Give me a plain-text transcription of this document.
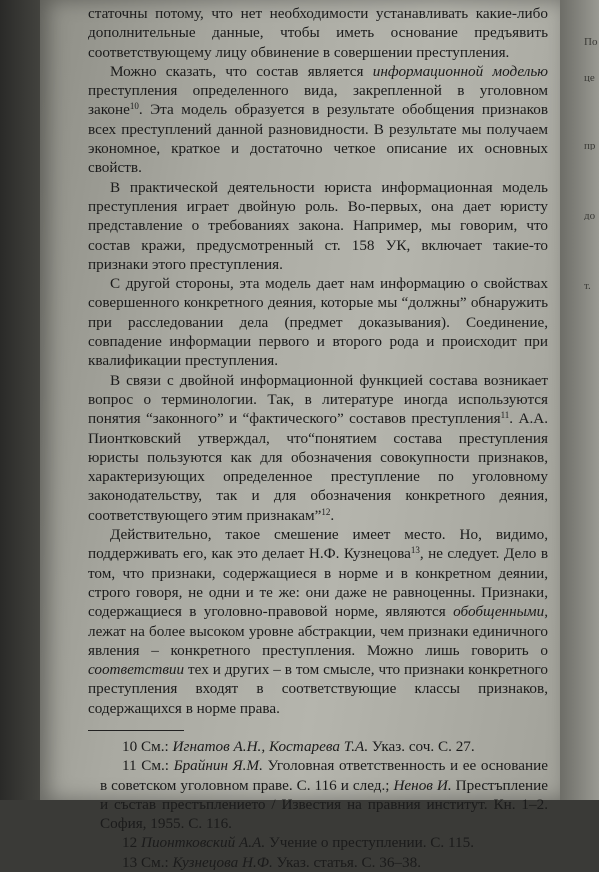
По
це
пр
до
т.

статочны потому, что нет необходимости устанавливать какие-либо дополнительные данные, чтобы иметь основание предъявить соответствующему лицу обвинение в совершении преступления.

Можно сказать, что состав является информационной моделью преступления определенного вида, закрепленной в уголовном законе$^{10}$. Эта модель образуется в результате обобщения признаков всех преступлений данной разновидности. В результате мы получаем экономное, краткое и достаточно четкое описание их основных свойств.

В практической деятельности юриста информационная модель преступления играет двойную роль. Во-первых, она дает юристу представление о требованиях закона. Например, мы говорим, что состав кражи, предусмотренный ст. 158 УК, включает такие-то признаки этого преступления.

С другой стороны, эта модель дает нам информацию о свойствах совершенного конкретного деяния, которые мы “должны” обнаружить при расследовании дела (предмет доказывания). Соединение, совпадение информации первого и второго рода и происходит при квалификации преступления.

В связи с двойной информационной функцией состава возникает вопрос о терминологии. Так, в литературе иногда используются понятия “законного” и “фактического” составов преступления$^{11}$. А.А. Пионтковский утверждал, что“понятием состава преступления юристы пользуются как для обозначения совокупности признаков, характеризующих определенное преступление по уголовному законодательству, так и для обозначения конкретного деяния, соответствующего этим признакам”$^{12}$.

Действительно, такое смешение имеет место. Но, видимо, поддерживать его, как это делает Н.Ф. Кузнецова$^{13}$, не следует. Дело в том, что признаки, содержащиеся в норме и в конкретном деянии, строго говоря, не одни и те же: они даже не равноценны. Признаки, содержащиеся в уголовно-правовой норме, являются обобщенными, лежат на более высоком уровне абстракции, чем признаки единичного явления – конкретного преступления. Можно лишь говорить о соответствии тех и других – в том смысле, что признаки конкретного преступления входят в соответствующие классы признаков, содержащихся в норме права.

10 См.: Игнатов А.Н., Костарева Т.А. Указ. соч. С. 27.

11 См.: Брайнин Я.М. Уголовная ответственность и ее основание в советском уголовном праве. С. 116 и след.; Ненов И. Престъпление и състав престъплението / Известия на правния институт. Кн. 1–2. София, 1955. С. 116.

12 Пионтковский А.А. Учение о преступлении. С. 115.

13 См.: Кузнецова Н.Ф. Указ. статья. С. 36–38.
